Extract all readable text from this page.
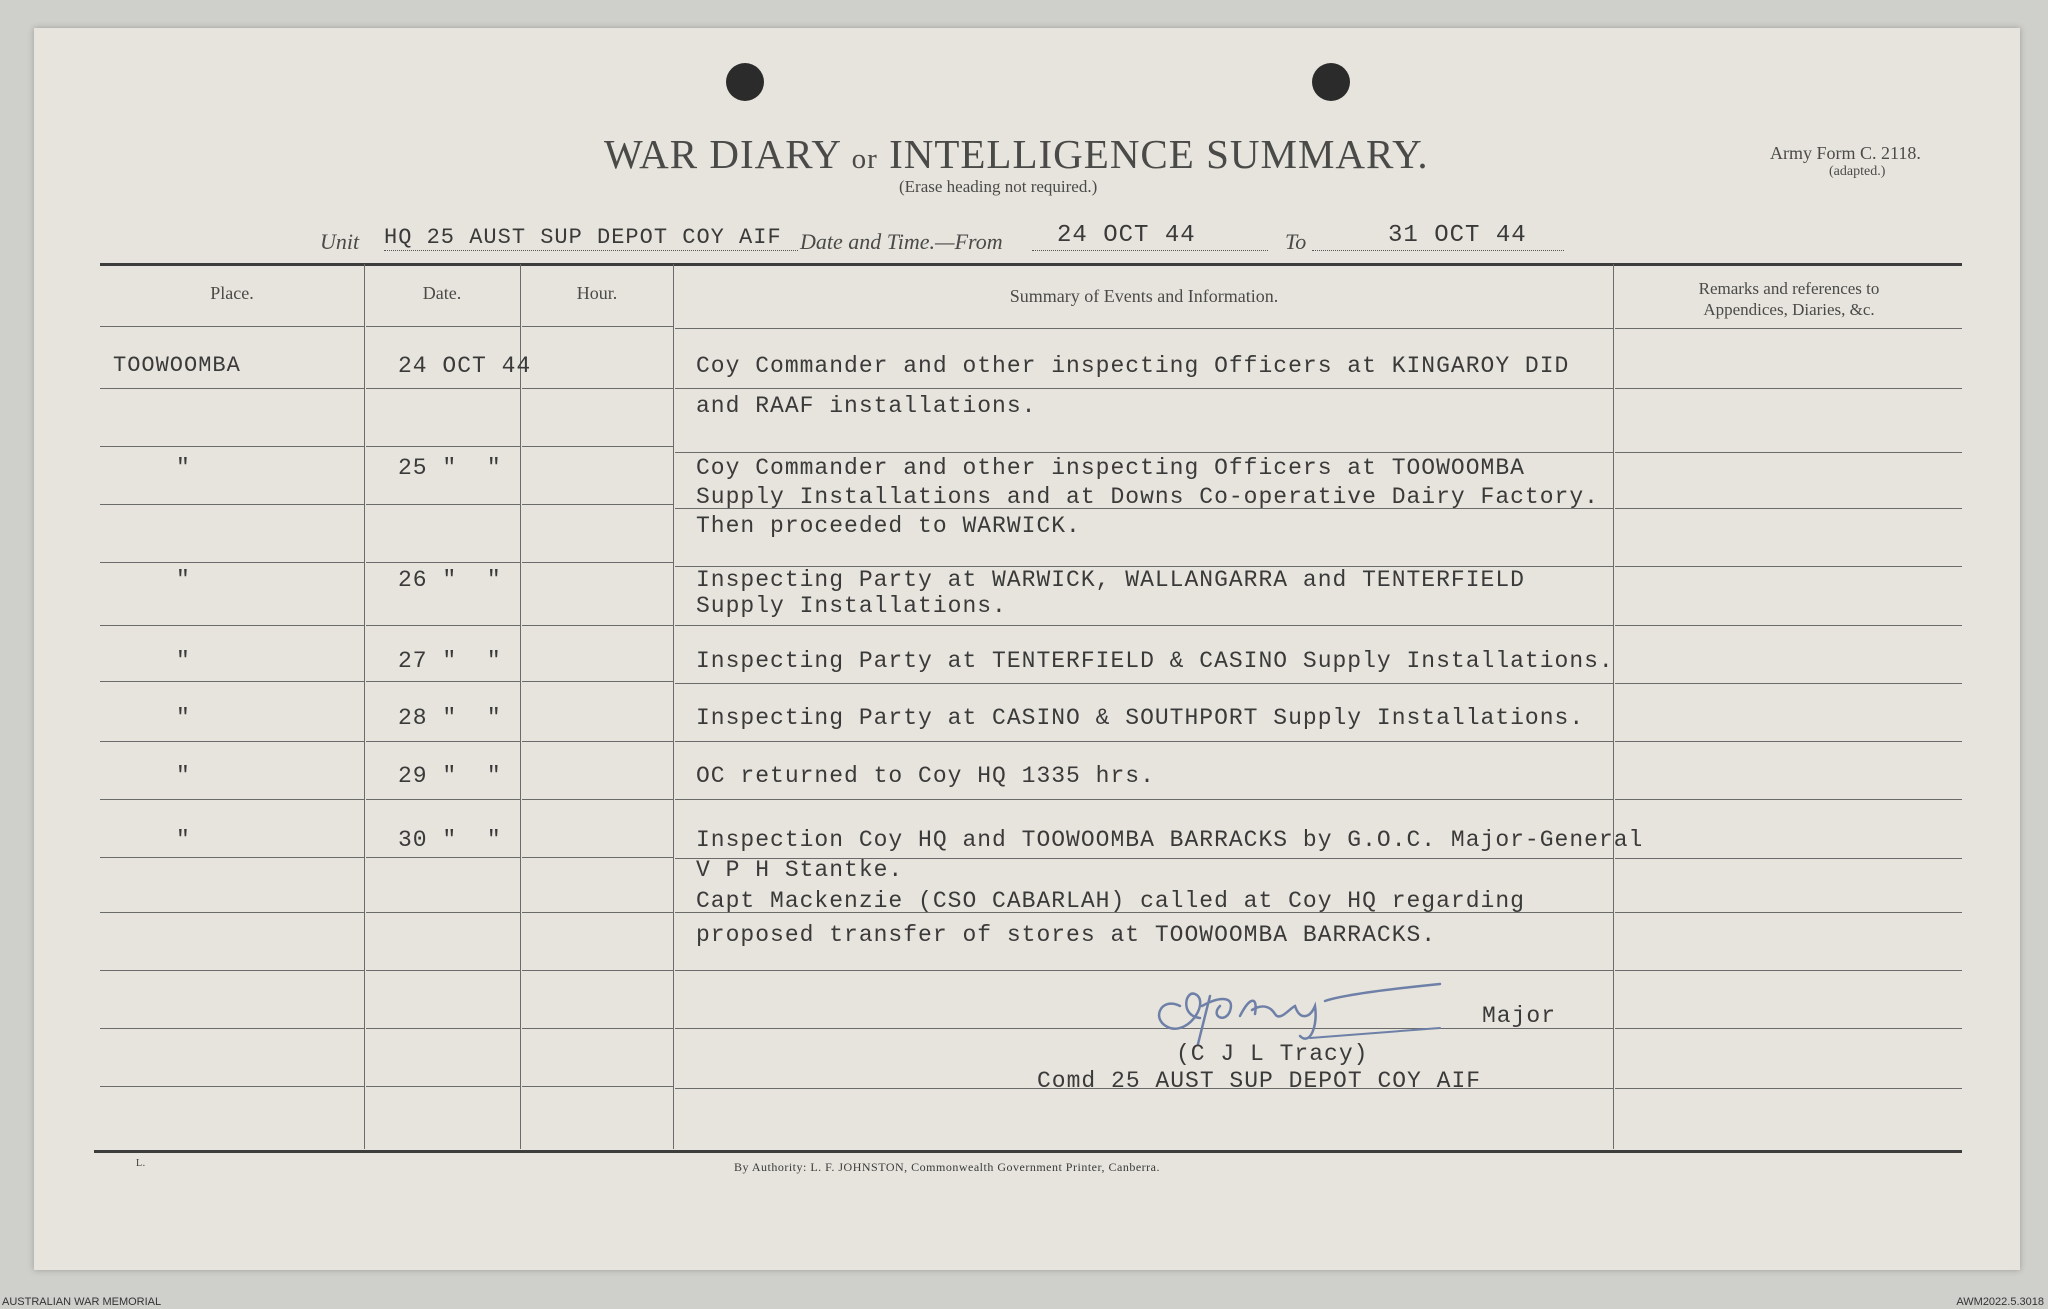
WAR DIARY or INTELLIGENCE SUMMARY.
(Erase heading not required.)
Army Form C. 2118.
(adapted.)
Unit HQ 25 AUST SUP DEPOT COY AIF Date and Time.—From 24 OCT 44	To	31 OCT 44
Place.	Date.	Hour.	Summary of Events and Information.	Remarks and references to
Appendices, Diaries, &c.
TOOWOOMBA	24 OCT 44	Coy Commander and other inspecting Officers at KINGAROY DID
and RAAF installations.
"	25 "  "	Coy Commander and other inspecting Officers at TOOWOOMBA
Supply Installations and at Downs Co-operative Dairy Factory.
Then proceeded to WARWICK.
"	26 "  "	Inspecting Party at WARWICK, WALLANGARRA and TENTERFIELD
Supply Installations.
"	27 "  "	Inspecting Party at TENTERFIELD & CASINO Supply Installations.
"	28 "  "	Inspecting Party at CASINO & SOUTHPORT Supply Installations.
"	29 "  "	OC returned to Coy HQ 1335 hrs.
"	30 "  "	Inspection Coy HQ and TOOWOOMBA BARRACKS by G.O.C. Major-General
V P H Stantke.
Capt Mackenzie (CSO CABARLAH) called at Coy HQ regarding
proposed transfer of stores at TOOWOOMBA BARRACKS.
Major
(C J L Tracy)
Comd 25 AUST SUP DEPOT COY AIF
By Authority: L. F. JOHNSTON, Commonwealth Government Printer, Canberra.
L.
AUSTRALIAN WAR MEMORIAL	AWM2022.5.3018
